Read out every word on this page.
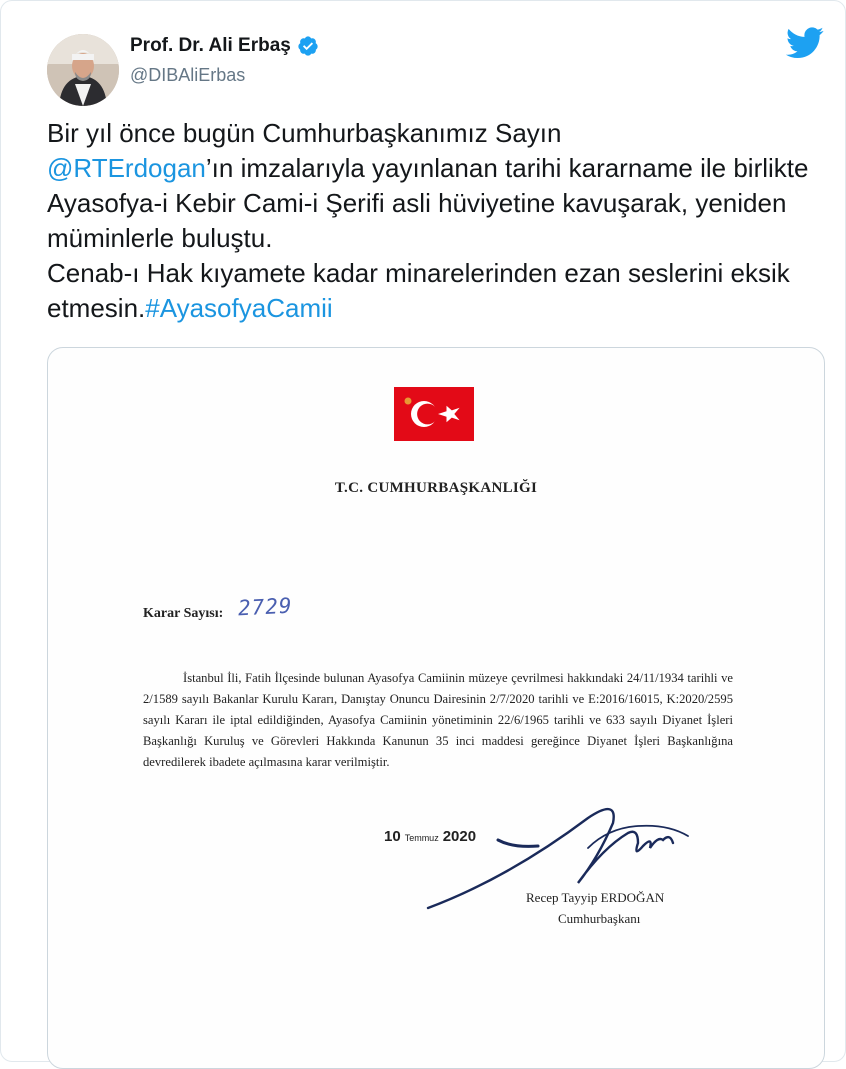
Prof. Dr. Ali Erbaş
@DIBAliErbas
Bir yıl önce bugün Cumhurbaşkanımız Sayın
@RTErdogan’ın imzalarıyla yayınlanan tarihi kararname ile birlikte Ayasofya-i Kebir Cami-i Şerifi asli hüviyetine kavuşarak, yeniden müminlerle buluştu.
Cenab-ı Hak kıyamete kadar minarelerinden ezan seslerini eksik etmesin.#AyasofyaCamii
T.C. CUMHURBAŞKANLIĞI
Karar Sayısı: 2729
İstanbul İli, Fatih İlçesinde bulunan Ayasofya Camiinin müzeye çevrilmesi hakkındaki 24/11/1934 tarihli ve 2/1589 sayılı Bakanlar Kurulu Kararı, Danıştay Onuncu Dairesinin 2/7/2020 tarihli ve E:2016/16015, K:2020/2595 sayılı Kararı ile iptal edildiğinden, Ayasofya Camiinin yönetiminin 22/6/1965 tarihli ve 633 sayılı Diyanet İşleri Başkanlığı Kuruluş ve Görevleri Hakkında Kanunun 35 inci maddesi gereğince Diyanet İşleri Başkanlığına devredilerek ibadete açılmasına karar verilmiştir.
10 Temmuz 2020
Recep Tayyip ERDOĞAN
Cumhurbaşkanı
